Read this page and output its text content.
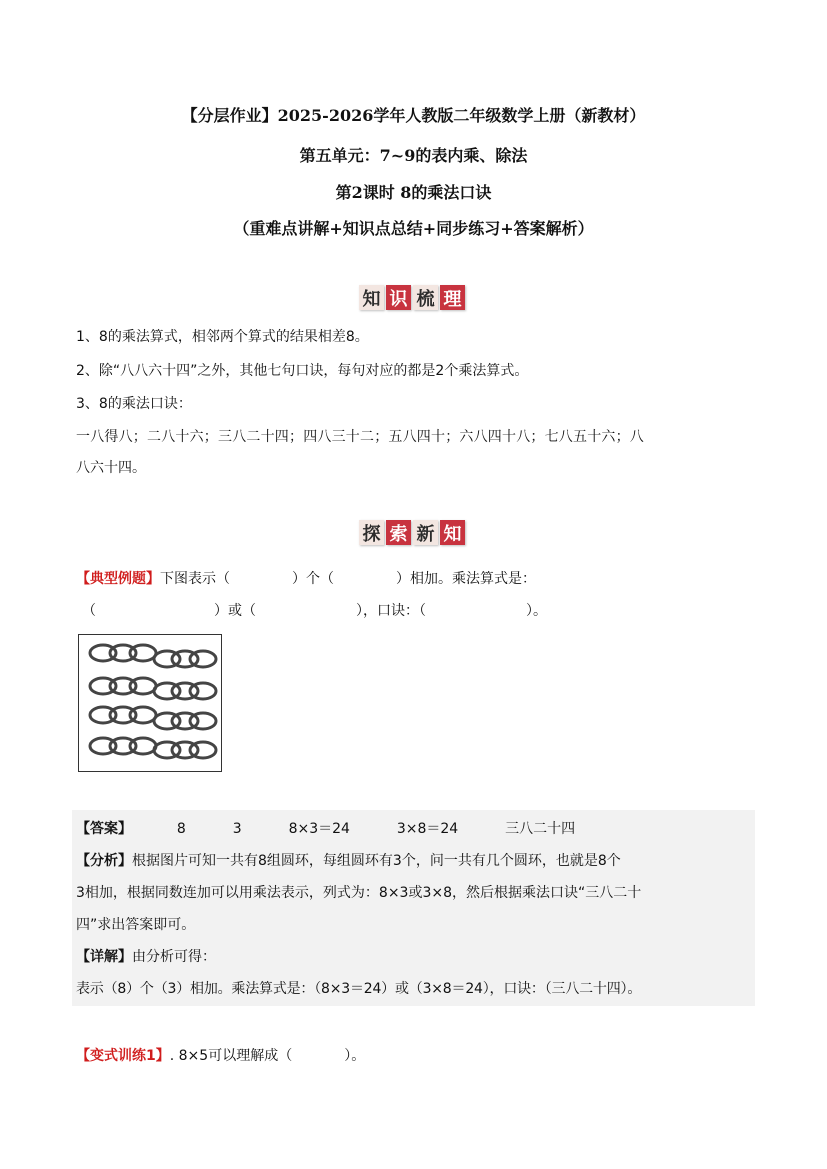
【分层作业】2025-2026学年人教版二年级数学上册（新教材）
第五单元：7~9的表内乘、除法
第2课时 8的乘法口诀
（重难点讲解+知识点总结+同步练习+答案解析）
知 识 梳 理
1、8的乘法算式，相邻两个算式的结果相差8。
2、除“八八六十四”之外，其他七句口诀，每句对应的都是2个乘法算式。
3、8的乘法口诀：
一八得八；二八十六；三八二十四；四八三十二；五八四十；六八四十八；七八五十六；八
八六十四。
探 索 新 知
【典型例题】下图表示（	）个（	）相加。乘法算式是：
（	）或（	），口诀：（	）。
【答案】	8	3	8×3＝24	3×8＝24	三八二十四
【分析】根据图片可知一共有8组圆环，每组圆环有3个，问一共有几个圆环，也就是8个
3相加，根据同数连加可以用乘法表示，列式为：8×3或3×8，然后根据乘法口诀“三八二十
四”求出答案即可。
【详解】由分析可得：
表示（8）个（3）相加。乘法算式是：（8×3＝24）或（3×8＝24），口诀：（三八二十四）。
【变式训练1】. 8×5可以理解成（	）。
